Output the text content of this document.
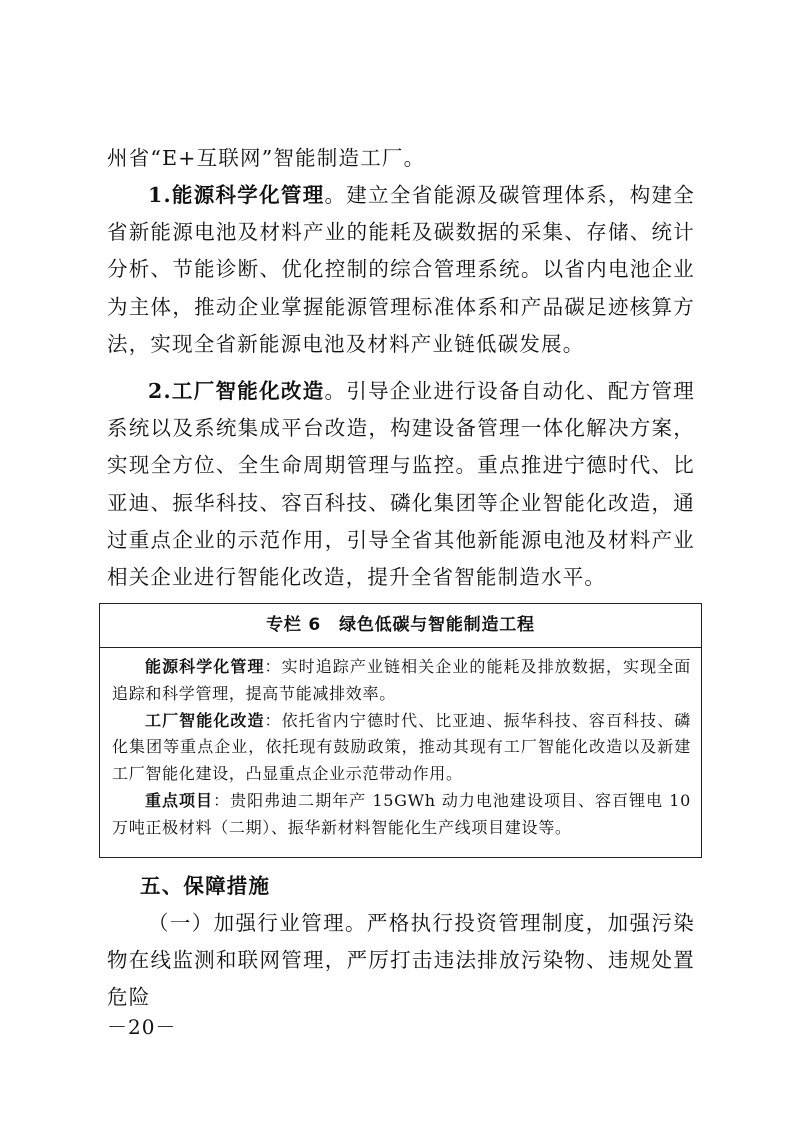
州省“E+互联网”智能制造工厂。

1.能源科学化管理。建立全省能源及碳管理体系，构建全省新能源电池及材料产业的能耗及碳数据的采集、存储、统计分析、节能诊断、优化控制的综合管理系统。以省内电池企业为主体，推动企业掌握能源管理标准体系和产品碳足迹核算方法，实现全省新能源电池及材料产业链低碳发展。

2.工厂智能化改造。引导企业进行设备自动化、配方管理系统以及系统集成平台改造，构建设备管理一体化解决方案，实现全方位、全生命周期管理与监控。重点推进宁德时代、比亚迪、振华科技、容百科技、磷化集团等企业智能化改造，通过重点企业的示范作用，引导全省其他新能源电池及材料产业相关企业进行智能化改造，提升全省智能制造水平。

专栏 6 绿色低碳与智能制造工程

能源科学化管理：实时追踪产业链相关企业的能耗及排放数据，实现全面追踪和科学管理，提高节能减排效率。

工厂智能化改造：依托省内宁德时代、比亚迪、振华科技、容百科技、磷化集团等重点企业，依托现有鼓励政策，推动其现有工厂智能化改造以及新建工厂智能化建设，凸显重点企业示范带动作用。

重点项目：贵阳弗迪二期年产 15GWh 动力电池建设项目、容百锂电 10 万吨正极材料（二期）、振华新材料智能化生产线项目建设等。

五、保障措施

（一）加强行业管理。严格执行投资管理制度，加强污染物在线监测和联网管理，严厉打击违法排放污染物、违规处置危险

－20－
